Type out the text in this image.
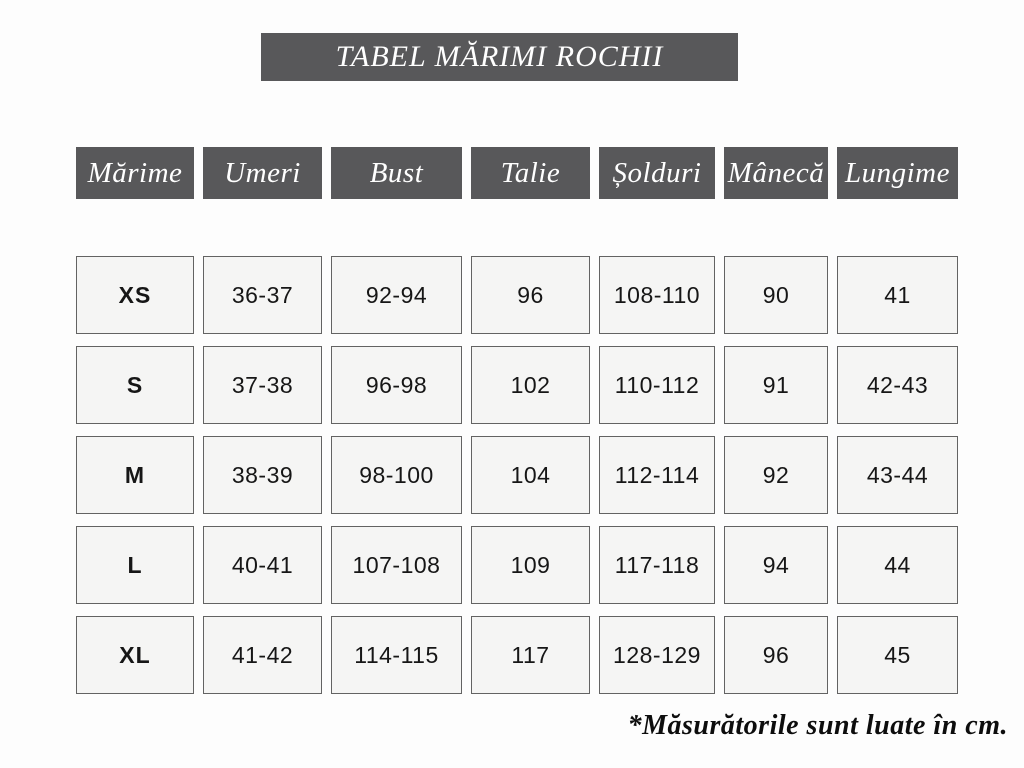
TABEL MĂRIMI ROCHII
Mărime	Umeri	Bust	Talie	Șolduri Mânecă Lungime
XS	36-37	92-94	96	108-110	90	41
S	37-38	96-98	102	110-112	91	42-43
M	38-39	98-100	104	112-114	92	43-44
L	40-41	107-108	109	117-118	94	44
XL	41-42	114-115	117	128-129	96	45
*Măsurătorile sunt luate în cm.
